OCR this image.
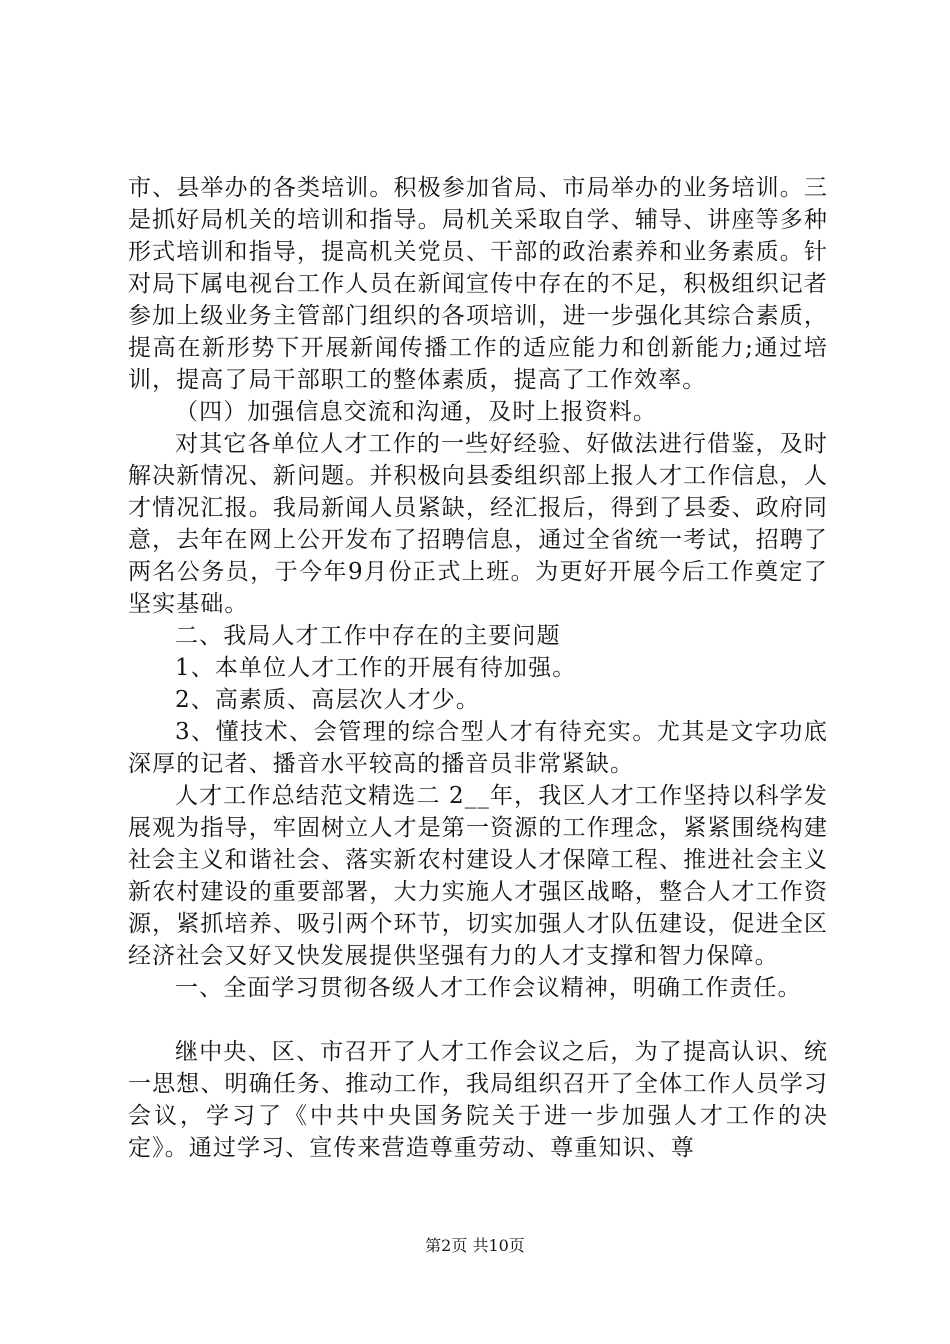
市、县举办的各类培训。积极参加省局、市局举办的业务培训。三是抓好局机关的培训和指导。局机关采取自学、辅导、讲座等多种形式培训和指导，提高机关党员、干部的政治素养和业务素质。针对局下属电视台工作人员在新闻宣传中存在的不足，积极组织记者参加上级业务主管部门组织的各项培训，进一步强化其综合素质，提高在新形势下开展新闻传播工作的适应能力和创新能力;通过培训，提高了局干部职工的整体素质，提高了工作效率。

（四）加强信息交流和沟通，及时上报资料。

对其它各单位人才工作的一些好经验、好做法进行借鉴，及时解决新情况、新问题。并积极向县委组织部上报人才工作信息，人才情况汇报。我局新闻人员紧缺，经汇报后，得到了县委、政府同意，去年在网上公开发布了招聘信息，通过全省统一考试，招聘了两名公务员，于今年9月份正式上班。为更好开展今后工作奠定了坚实基础。

二、我局人才工作中存在的主要问题

1、本单位人才工作的开展有待加强。

2、高素质、高层次人才少。

3、懂技术、会管理的综合型人才有待充实。尤其是文字功底深厚的记者、播音水平较高的播音员非常紧缺。

人才工作总结范文精选二 2__年，我区人才工作坚持以科学发展观为指导，牢固树立人才是第一资源的工作理念，紧紧围绕构建社会主义和谐社会、落实新农村建设人才保障工程、推进社会主义新农村建设的重要部署，大力实施人才强区战略，整合人才工作资源，紧抓培养、吸引两个环节，切实加强人才队伍建设，促进全区经济社会又好又快发展提供坚强有力的人才支撑和智力保障。

一、全面学习贯彻各级人才工作会议精神，明确工作责任。

继中央、区、市召开了人才工作会议之后，为了提高认识、统一思想、明确任务、推动工作，我局组织召开了全体工作人员学习会议，学习了《中共中央国务院关于进一步加强人才工作的决定》。通过学习、宣传来营造尊重劳动、尊重知识、尊

第2页 共10页
